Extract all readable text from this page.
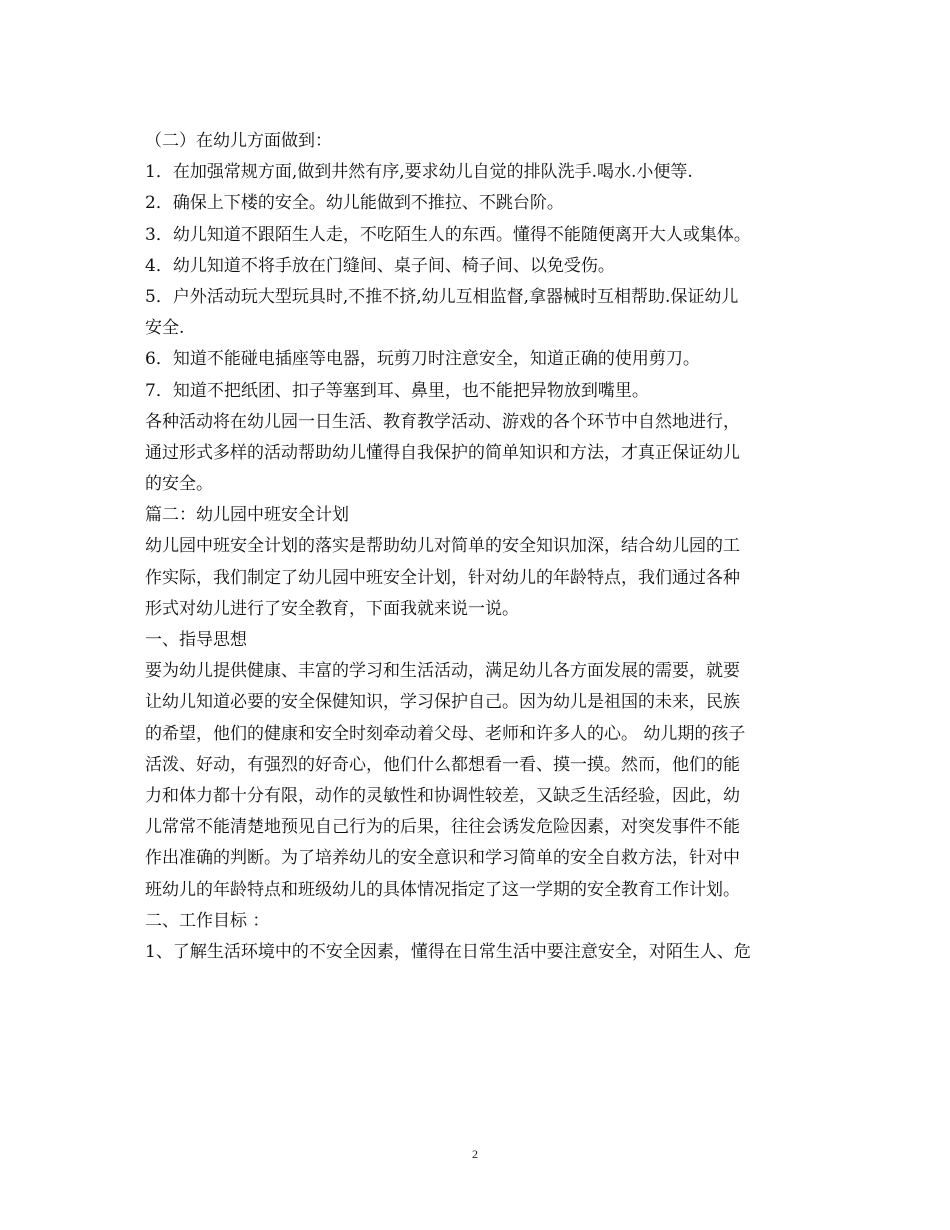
（二）在幼儿方面做到：
1．在加强常规方面,做到井然有序,要求幼儿自觉的排队洗手.喝水.小便等.
2．确保上下楼的安全。幼儿能做到不推拉、不跳台阶。
3．幼儿知道不跟陌生人走，不吃陌生人的东西。懂得不能随便离开大人或集体。
4．幼儿知道不将手放在门缝间、桌子间、椅子间、以免受伤。
5．户外活动玩大型玩具时,不推不挤,幼儿互相监督,拿器械时互相帮助.保证幼儿
安全.
6．知道不能碰电插座等电器，玩剪刀时注意安全，知道正确的使用剪刀。
7．知道不把纸团、扣子等塞到耳、鼻里，也不能把异物放到嘴里。
各种活动将在幼儿园一日生活、教育教学活动、游戏的各个环节中自然地进行，
通过形式多样的活动帮助幼儿懂得自我保护的简单知识和方法，才真正保证幼儿
的安全。
篇二：幼儿园中班安全计划
幼儿园中班安全计划的落实是帮助幼儿对简单的安全知识加深，结合幼儿园的工
作实际，我们制定了幼儿园中班安全计划，针对幼儿的年龄特点，我们通过各种
形式对幼儿进行了安全教育，下面我就来说一说。
一、指导思想
要为幼儿提供健康、丰富的学习和生活活动，满足幼儿各方面发展的需要，就要
让幼儿知道必要的安全保健知识，学习保护自己。因为幼儿是祖国的未来，民族
的希望，他们的健康和安全时刻牵动着父母、老师和许多人的心。 幼儿期的孩子
活泼、好动，有强烈的好奇心，他们什么都想看一看、摸一摸。然而，他们的能
力和体力都十分有限，动作的灵敏性和协调性较差，又缺乏生活经验，因此，幼
儿常常不能清楚地预见自己行为的后果，往往会诱发危险因素，对突发事件不能
作出准确的判断。为了培养幼儿的安全意识和学习简单的安全自救方法，针对中
班幼儿的年龄特点和班级幼儿的具体情况指定了这一学期的安全教育工作计划。
二、工作目标 ：
1、了解生活环境中的不安全因素，懂得在日常生活中要注意安全，对陌生人、危
2
